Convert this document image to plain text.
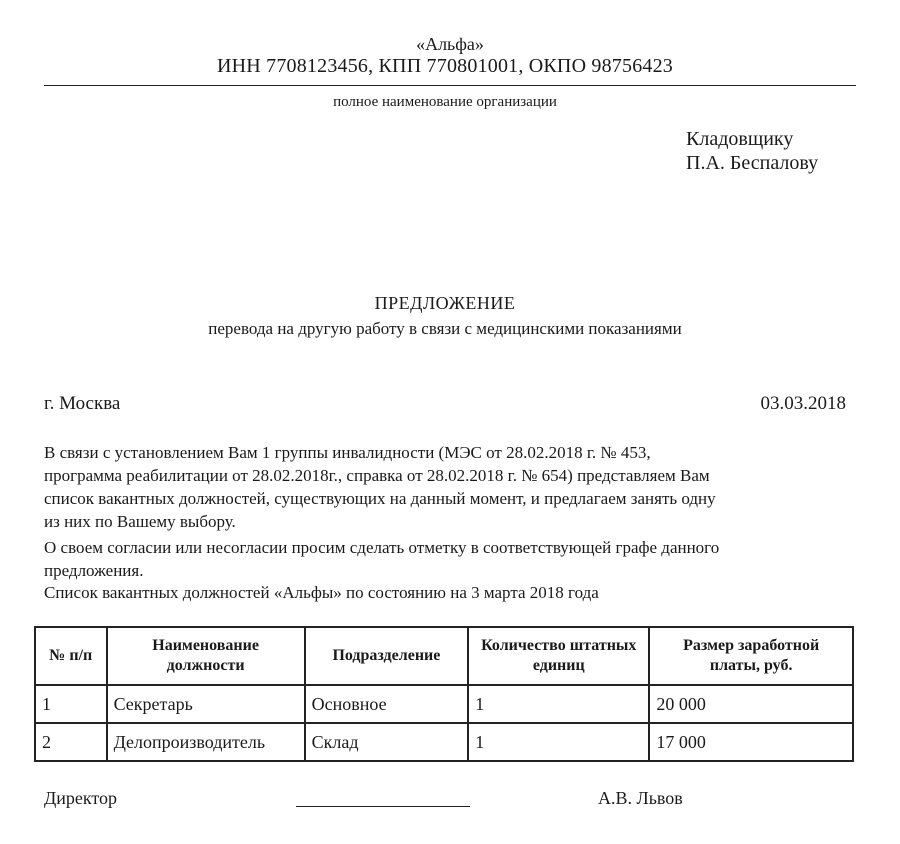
«Альфа»
ИНН 7708123456, КПП 770801001, ОКПО 98756423
полное наименование организации
Кладовщику
П.А. Беспалову
ПРЕДЛОЖЕНИЕ
перевода на другую работу в связи с медицинскими показаниями
г. Москва	03.03.2018
В связи с установлением Вам 1 группы инвалидности (МЭС от 28.02.2018 г. № 453,
программа реабилитации от 28.02.2018г., справка от 28.02.2018 г. № 654) представляем Вам
список вакантных должностей, существующих на данный момент, и предлагаем занять одну
из них по Вашему выбору.
О своем согласии или несогласии просим сделать отметку в соответствующей графе данного
предложения.
Список вакантных должностей «Альфы» по состоянию на 3 марта 2018 года
№ п/п	Наименование должности	Подразделение	Количество штатных единиц	Размер заработной платы, руб.
1	Секретарь	Основное	1	20 000
2	Делопроизводитель	Склад	1	17 000
Директор	А.В. Львов
